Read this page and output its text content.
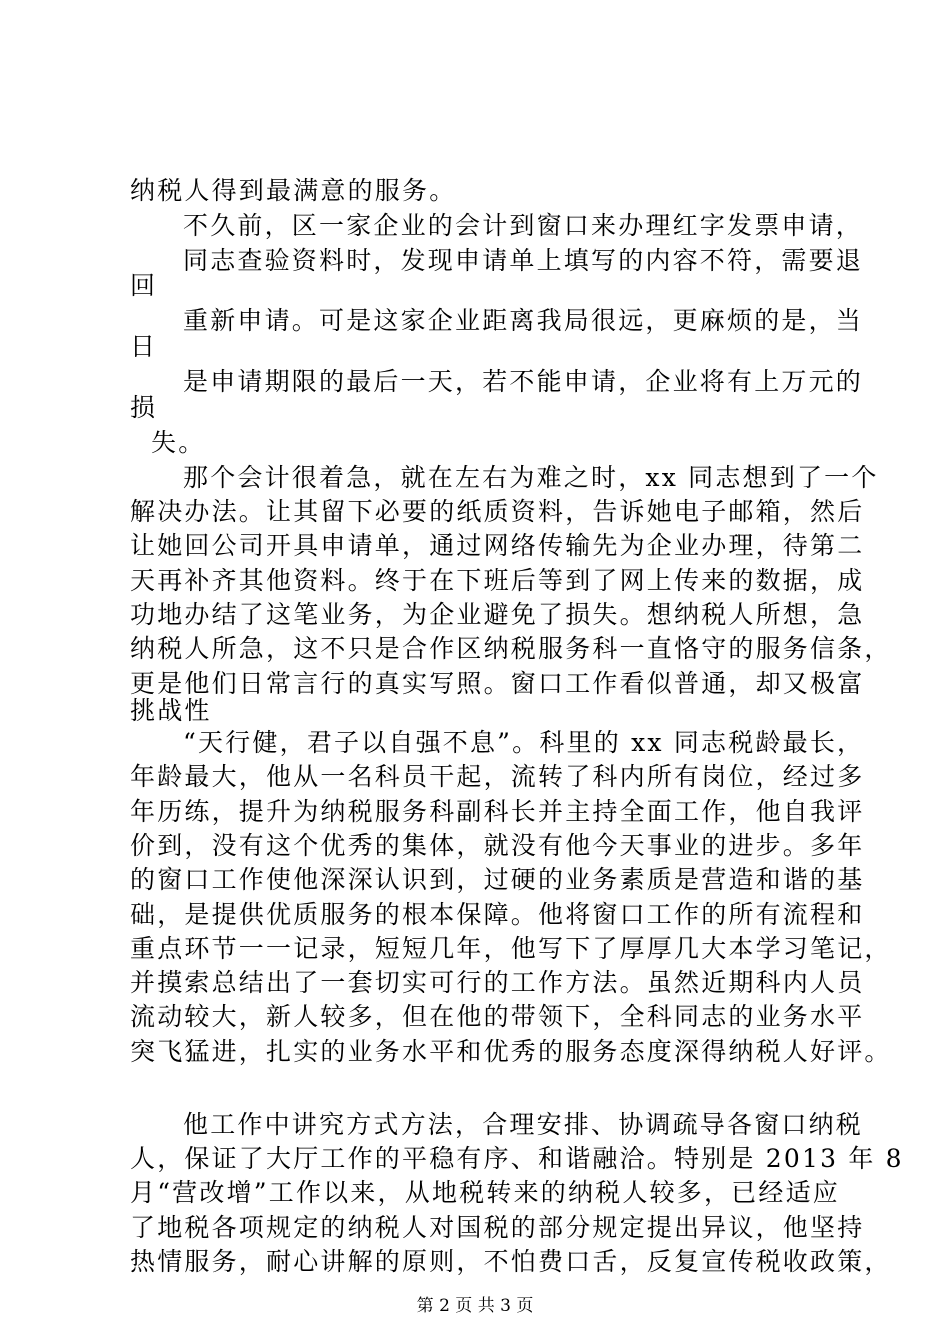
纳税人得到最满意的服务。
不久前，区一家企业的会计到窗口来办理红字发票申请，
同志查验资料时，发现申请单上填写的内容不符，需要退
回
重新申请。可是这家企业距离我局很远，更麻烦的是，当
日
是申请期限的最后一天，若不能申请，企业将有上万元的
损
失。
那个会计很着急，就在左右为难之时，xx 同志想到了一个
解决办法。让其留下必要的纸质资料，告诉她电子邮箱，然后
让她回公司开具申请单，通过网络传输先为企业办理，待第二
天再补齐其他资料。终于在下班后等到了网上传来的数据，成
功地办结了这笔业务，为企业避免了损失。想纳税人所想，急
纳税人所急，这不只是合作区纳税服务科一直恪守的服务信条，
更是他们日常言行的真实写照。窗口工作看似普通，却又极富
挑战性
“天行健，君子以自强不息”。科里的 xx 同志税龄最长，
年龄最大，他从一名科员干起，流转了科内所有岗位，经过多
年历练，提升为纳税服务科副科长并主持全面工作，他自我评
价到，没有这个优秀的集体，就没有他今天事业的进步。多年
的窗口工作使他深深认识到，过硬的业务素质是营造和谐的基
础，是提供优质服务的根本保障。他将窗口工作的所有流程和
重点环节一一记录，短短几年，他写下了厚厚几大本学习笔记，
并摸索总结出了一套切实可行的工作方法。虽然近期科内人员
流动较大，新人较多，但在他的带领下，全科同志的业务水平
突飞猛进，扎实的业务水平和优秀的服务态度深得纳税人好评。
他工作中讲究方式方法，合理安排、协调疏导各窗口纳税
人，保证了大厅工作的平稳有序、和谐融洽。特别是 2013 年 8
月“营改增”工作以来，从地税转来的纳税人较多，已经适应
了地税各项规定的纳税人对国税的部分规定提出异议，他坚持
热情服务，耐心讲解的原则，不怕费口舌，反复宣传税收政策，
第 2 页 共 3 页
